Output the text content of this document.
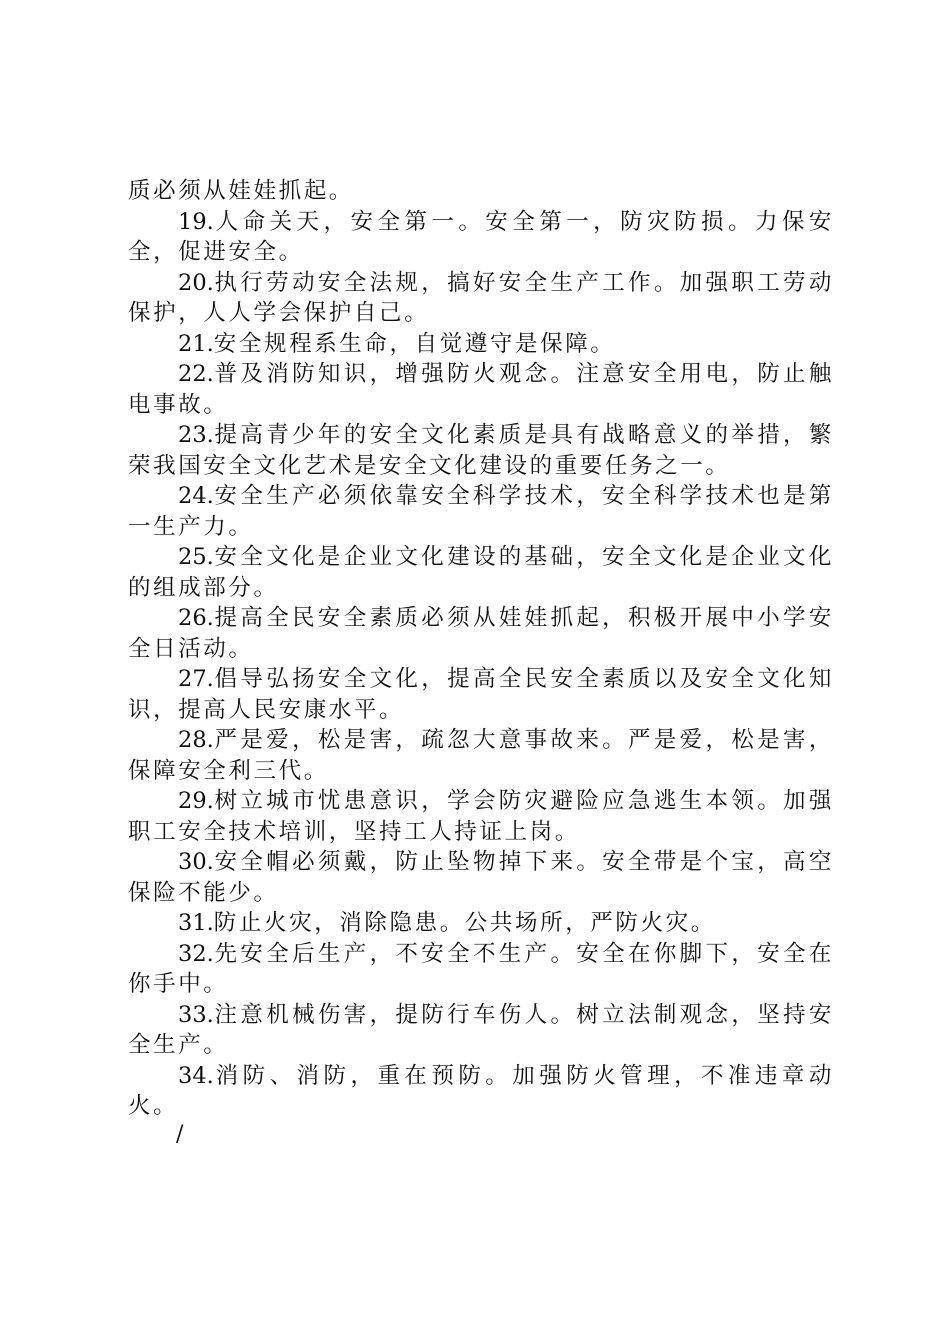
质必须从娃娃抓起。

19.人命关天，安全第一。安全第一，防灾防损。力保安全，促进安全。

20.执行劳动安全法规，搞好安全生产工作。加强职工劳动保护，人人学会保护自己。

21.安全规程系生命，自觉遵守是保障。

22.普及消防知识，增强防火观念。注意安全用电，防止触电事故。

23.提高青少年的安全文化素质是具有战略意义的举措，繁荣我国安全文化艺术是安全文化建设的重要任务之一。

24.安全生产必须依靠安全科学技术，安全科学技术也是第一生产力。

25.安全文化是企业文化建设的基础，安全文化是企业文化的组成部分。

26.提高全民安全素质必须从娃娃抓起，积极开展中小学安全日活动。

27.倡导弘扬安全文化，提高全民安全素质以及安全文化知识，提高人民安康水平。

28.严是爱，松是害，疏忽大意事故来。严是爱，松是害，保障安全利三代。

29.树立城市忧患意识，学会防灾避险应急逃生本领。加强职工安全技术培训，坚持工人持证上岗。

30.安全帽必须戴，防止坠物掉下来。安全带是个宝，高空保险不能少。

31.防止火灾，消除隐患。公共场所，严防火灾。

32.先安全后生产，不安全不生产。安全在你脚下，安全在你手中。

33.注意机械伤害，提防行车伤人。树立法制观念，坚持安全生产。

34.消防、消防，重在预防。加强防火管理，不准违章动火。

/
